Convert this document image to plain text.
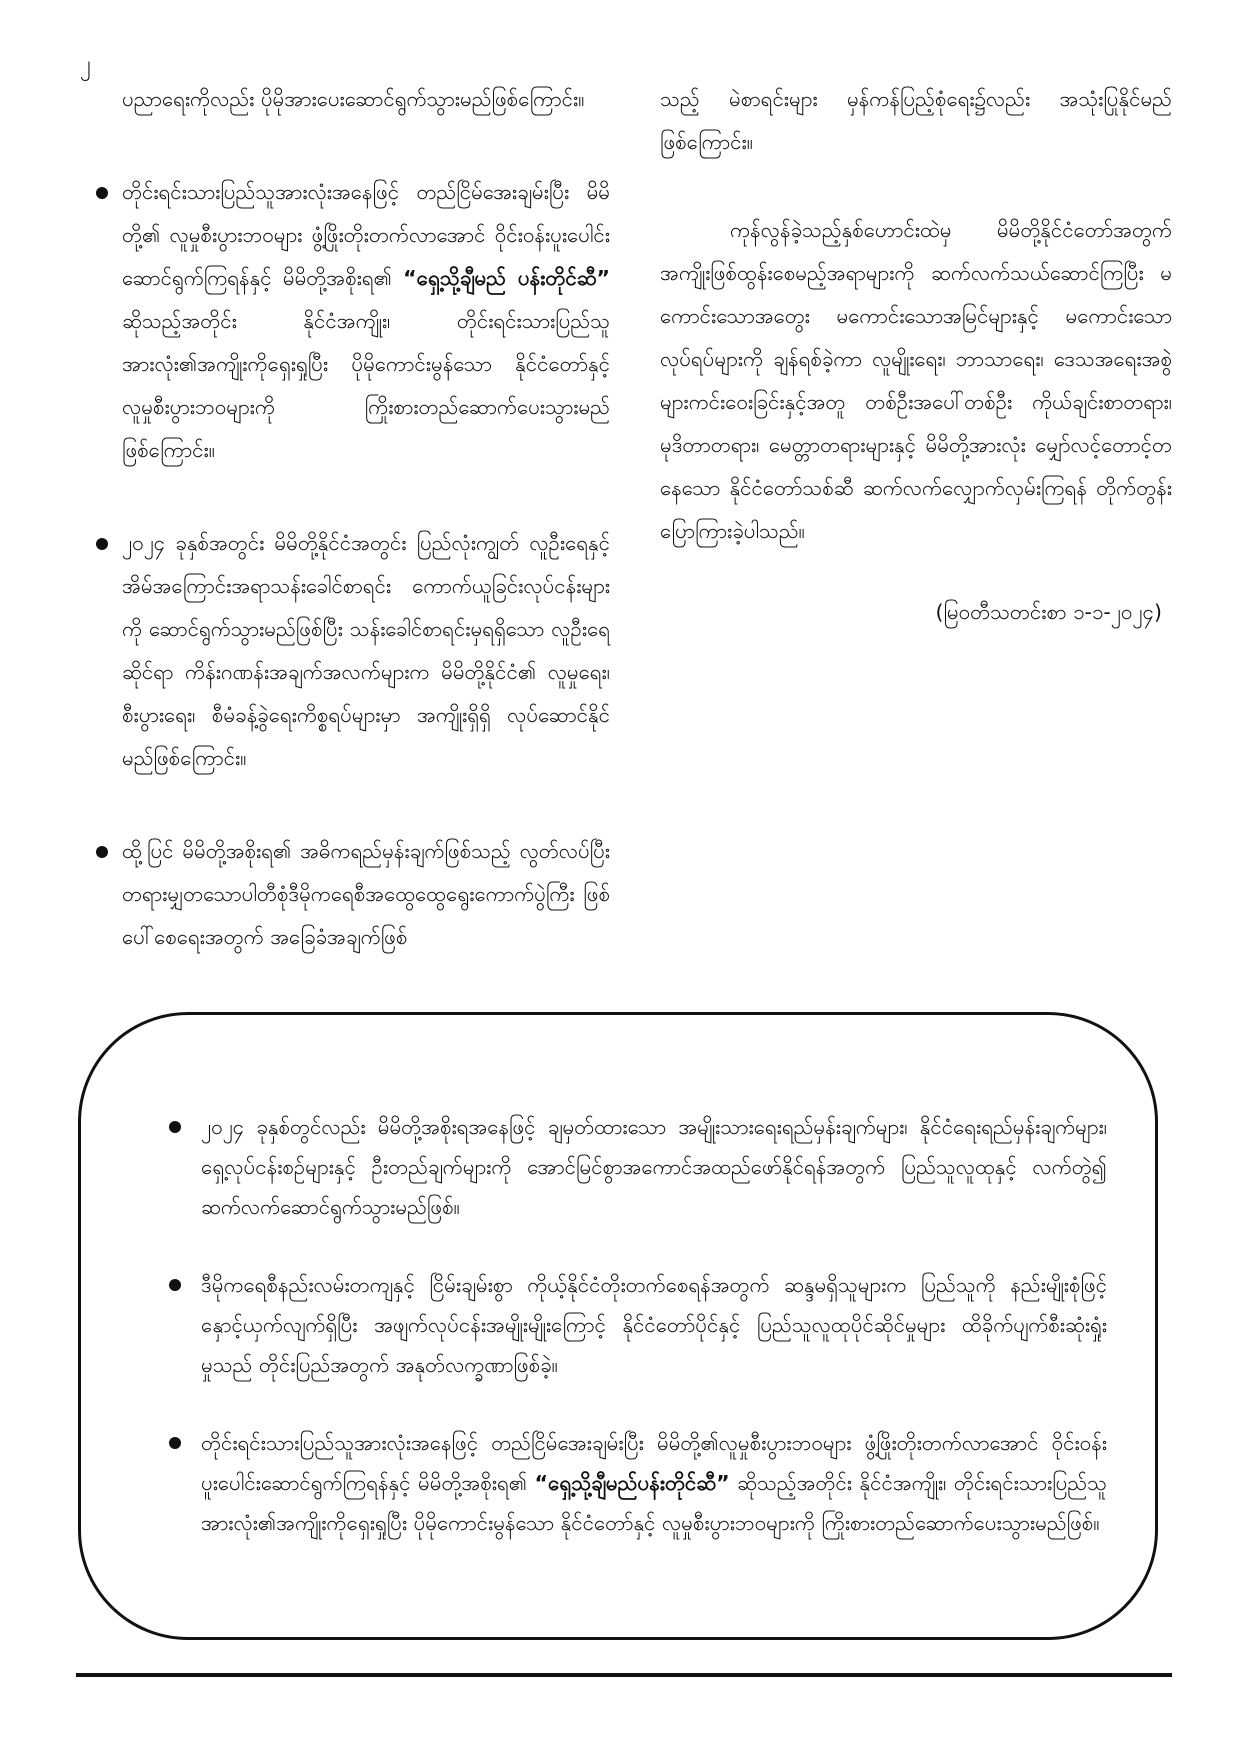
၂

ပညာရေးကိုလည်း ပိုမိုအားပေးဆောင်ရွက်သွားမည်ဖြစ်ကြောင်း။

တိုင်းရင်းသားပြည်သူအားလုံးအနေဖြင့် တည်ငြိမ်အေးချမ်းပြီး မိမိတို့၏ လူမှုစီးပွားဘဝများ ဖွံ့ဖြိုးတိုးတက်လာအောင် ဝိုင်းဝန်းပူးပေါင်းဆောင်ရွက်ကြရန်နှင့် မိမိတို့အစိုးရ၏ “ရှေ့သို့ချီမည် ပန်းတိုင်ဆီ” ဆိုသည့်အတိုင်း နိုင်ငံအကျိုး၊ တိုင်းရင်းသားပြည်သူအားလုံး၏အကျိုးကိုရှေးရှုပြီး ပိုမိုကောင်းမွန်သော နိုင်ငံတော်နှင့် လူမှုစီးပွားဘဝများကို ကြိုးစားတည်ဆောက်ပေးသွားမည်ဖြစ်ကြောင်း။
၂၀၂၄ ခုနှစ်အတွင်း မိမိတို့နိုင်ငံအတွင်း ပြည်လုံးကျွတ် လူဦးရေနှင့် အိမ်အကြောင်းအရာသန်းခေါင်စာရင်း ကောက်ယူခြင်းလုပ်ငန်းများကို ဆောင်ရွက်သွားမည်ဖြစ်ပြီး သန်းခေါင်စာရင်းမှရရှိသော လူဦးရေဆိုင်ရာ ကိန်းဂဏန်းအချက်အလက်များက မိမိတို့နိုင်ငံ၏ လူမှုရေး၊ စီးပွားရေး၊ စီမံခန့်ခွဲရေးကိစ္စရပ်များမှာ အကျိုးရှိရှိ လုပ်ဆောင်နိုင်မည်ဖြစ်ကြောင်း။
ထို့ပြင် မိမိတို့အစိုးရ၏ အဓိကရည်မှန်းချက်ဖြစ်သည့် လွတ်လပ်ပြီး တရားမျှတသောပါတီစုံဒီမိုကရေစီအထွေထွေရွေးကောက်ပွဲကြီး ဖြစ်ပေါ်စေရေးအတွက် အခြေခံအချက်ဖြစ်

သည့် မဲစာရင်းများ မှန်ကန်ပြည့်စုံရေး၌လည်း အသုံးပြုနိုင်မည်ဖြစ်ကြောင်း။

ကုန်လွန်ခဲ့သည့်နှစ်ဟောင်းထဲမှ မိမိတို့နိုင်ငံတော်အတွက် အကျိုးဖြစ်ထွန်းစေမည့်အရာများကို ဆက်လက်သယ်ဆောင်ကြပြီး မကောင်းသောအတွေး မကောင်းသောအမြင်များနှင့် မကောင်းသောလုပ်ရပ်များကို ချန်ရစ်ခဲ့ကာ လူမျိုးရေး၊ ဘာသာရေး၊ ဒေသအရေးအစွဲများကင်းဝေးခြင်းနှင့်အတူ တစ်ဦးအပေါ်တစ်ဦး ကိုယ်ချင်းစာတရား၊ မုဒိတာတရား၊ မေတ္တာတရားများနှင့် မိမိတို့အားလုံး မျှော်လင့်တောင့်တနေသော နိုင်ငံတော်သစ်ဆီ ဆက်လက်လျှောက်လှမ်းကြရန် တိုက်တွန်းပြောကြားခဲ့ပါသည်။

(မြဝတီသတင်းစာ ၁-၁-၂၀၂၄)

၂၀၂၄ ခုနှစ်တွင်လည်း မိမိတို့အစိုးရအနေဖြင့် ချမှတ်ထားသော အမျိုးသားရေးရည်မှန်းချက်များ၊ နိုင်ငံရေးရည်မှန်းချက်များ၊ ရှေ့လုပ်ငန်းစဉ်များနှင့် ဦးတည်ချက်များကို အောင်မြင်စွာအကောင်အထည်ဖော်နိုင်ရန်အတွက် ပြည်သူလူထုနှင့် လက်တွဲ၍ ဆက်လက်ဆောင်ရွက်သွားမည်ဖြစ်။
ဒီမိုကရေစီနည်းလမ်းတကျနှင့် ငြိမ်းချမ်းစွာ ကိုယ့်နိုင်ငံတိုးတက်စေရန်အတွက် ဆန္ဒမရှိသူများက ပြည်သူကို နည်းမျိုးစုံဖြင့် နှောင့်ယှက်လျက်ရှိပြီး အဖျက်လုပ်ငန်းအမျိုးမျိုးကြောင့် နိုင်ငံတော်ပိုင်နှင့် ပြည်သူလူထုပိုင်ဆိုင်မှုများ ထိခိုက်ပျက်စီးဆုံးရှုံးမှုသည် တိုင်းပြည်အတွက် အနုတ်လက္ခဏာဖြစ်ခဲ့။
တိုင်းရင်းသားပြည်သူအားလုံးအနေဖြင့် တည်ငြိမ်အေးချမ်းပြီး မိမိတို့၏လူမှုစီးပွားဘဝများ ဖွံ့ဖြိုးတိုးတက်လာအောင် ဝိုင်းဝန်းပူးပေါင်းဆောင်ရွက်ကြရန်နှင့် မိမိတို့အစိုးရ၏ “ရှေ့သို့ချီမည်ပန်းတိုင်ဆီ” ဆိုသည့်အတိုင်း နိုင်ငံအကျိုး၊ တိုင်းရင်းသားပြည်သူအားလုံး၏အကျိုးကိုရှေးရှုပြီး ပိုမိုကောင်းမွန်သော နိုင်ငံတော်နှင့် လူမှုစီးပွားဘဝများကို ကြိုးစားတည်ဆောက်ပေးသွားမည်ဖြစ်။
